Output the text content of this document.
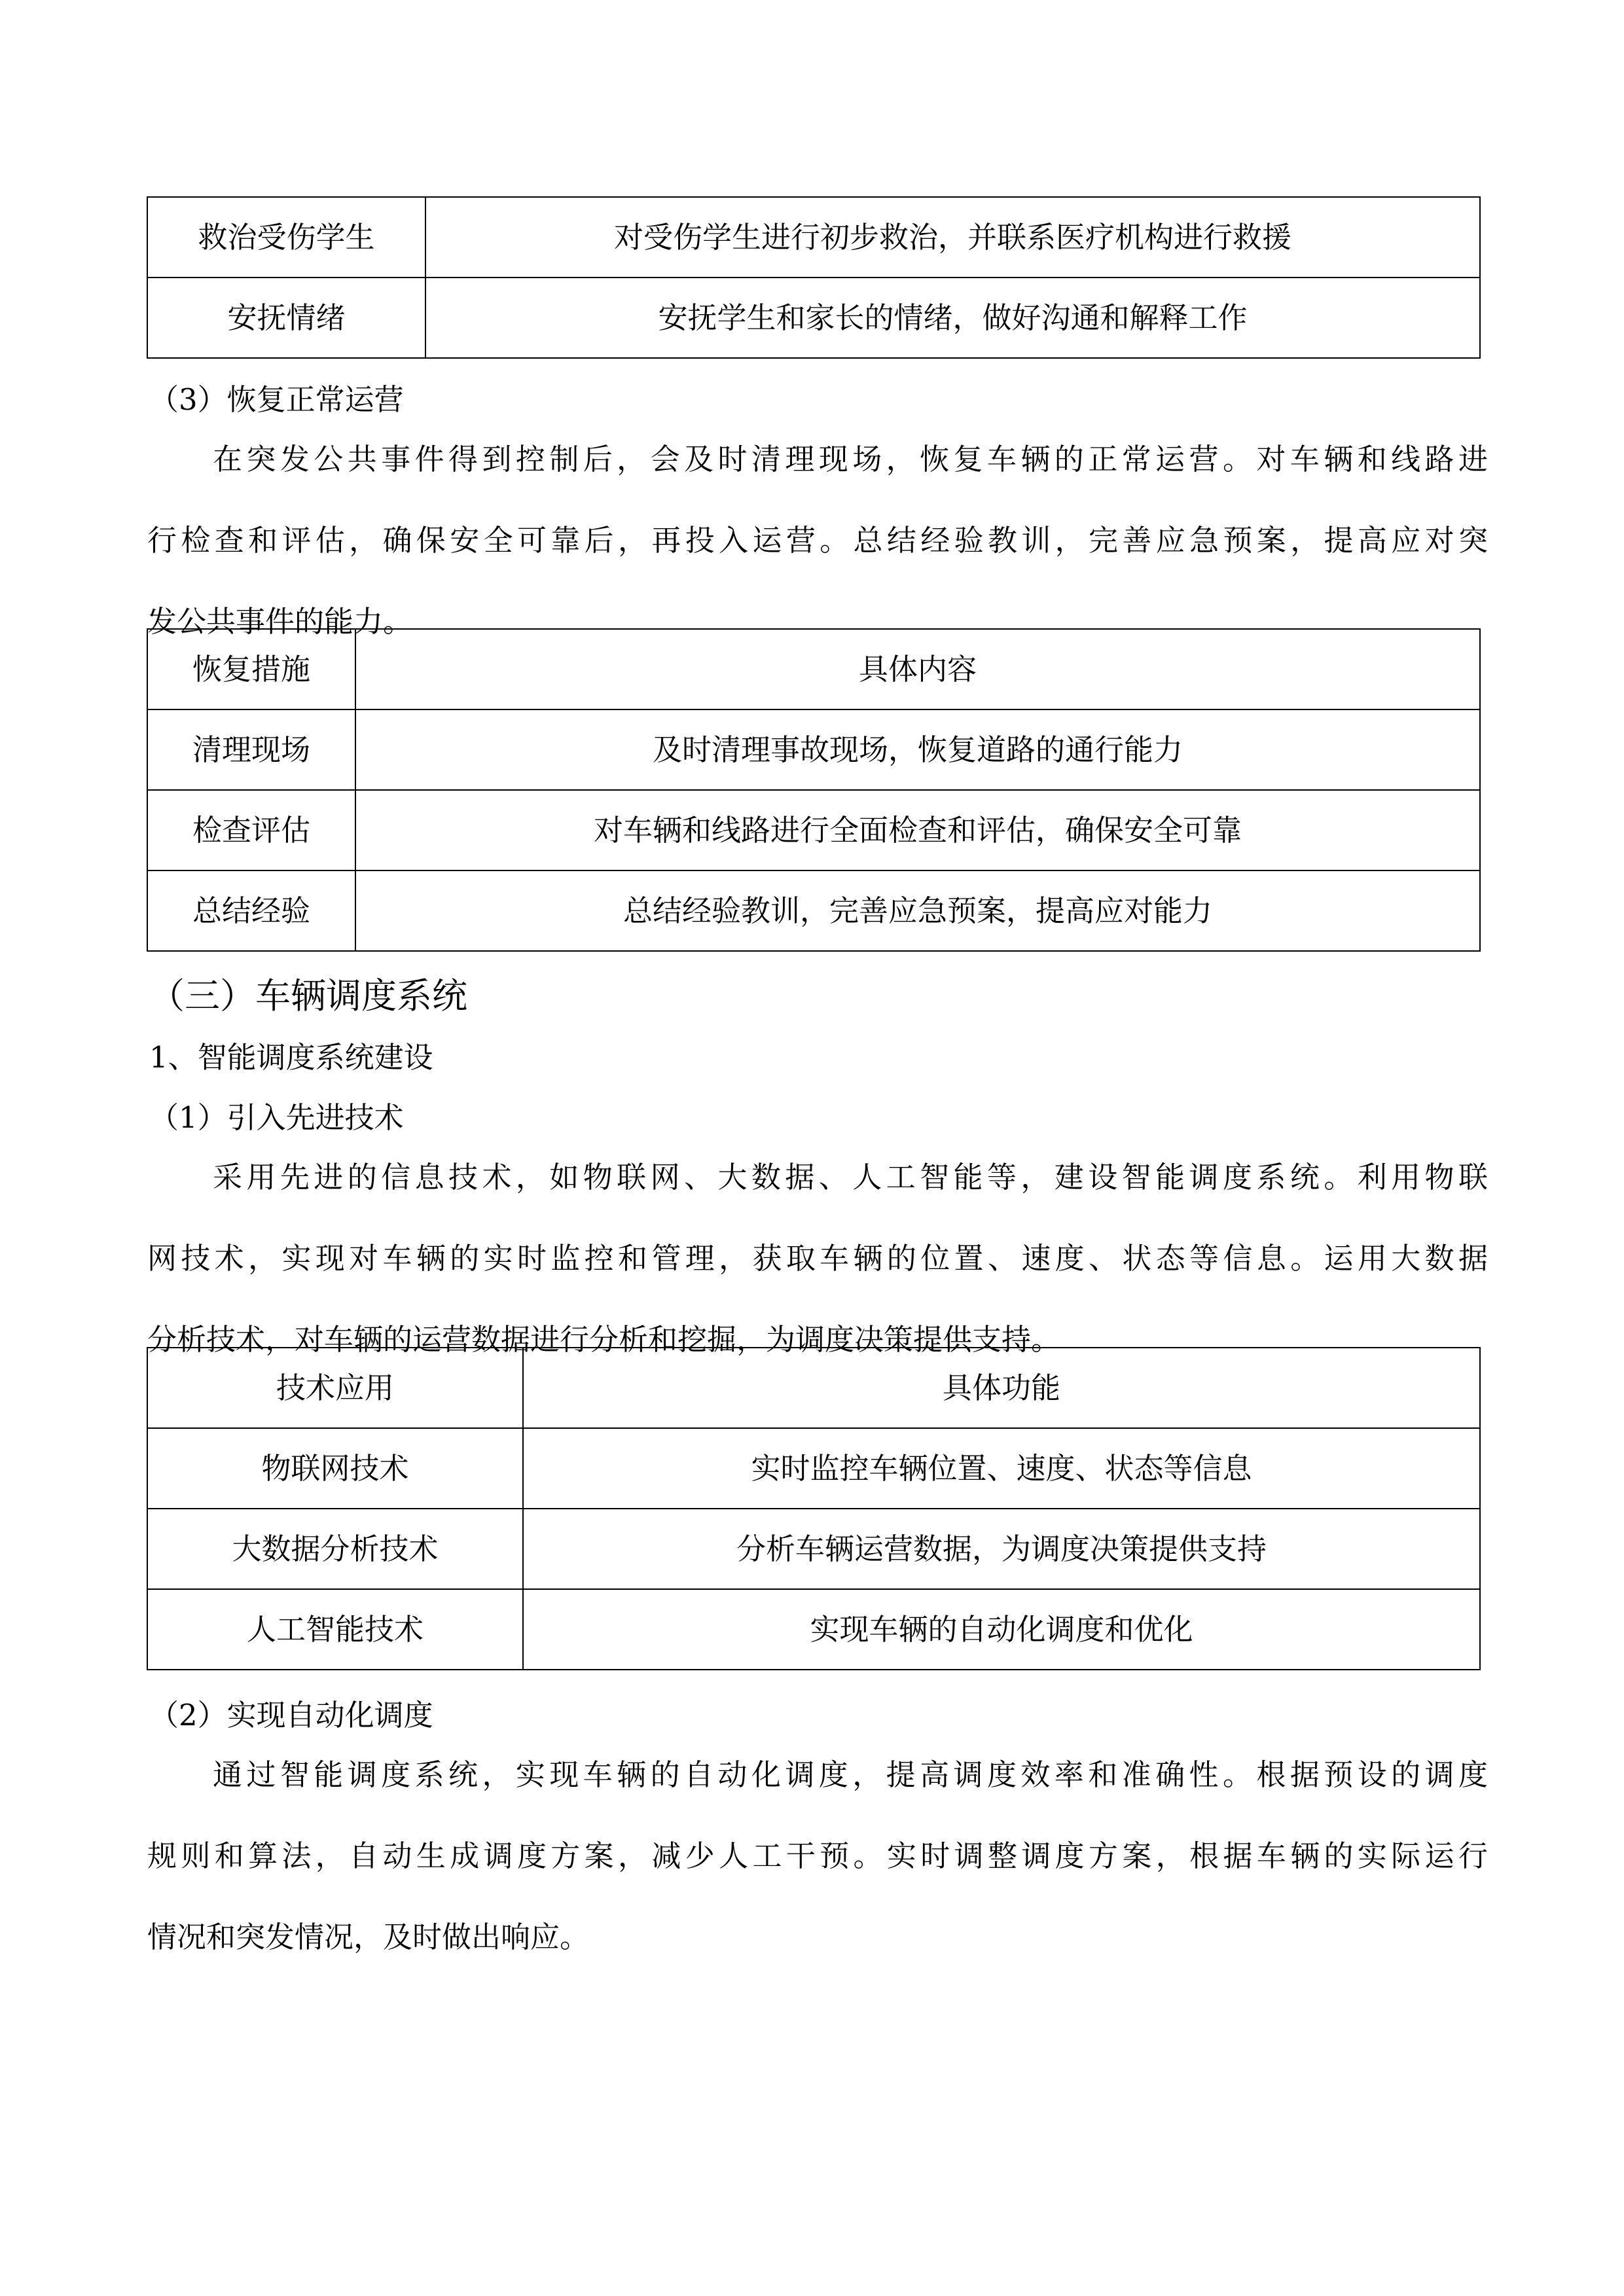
救治受伤学生	对受伤学生进行初步救治，并联系医疗机构进行救援
安抚情绪	安抚学生和家长的情绪，做好沟通和解释工作
（3）恢复正常运营
在突发公共事件得到控制后，会及时清理现场，恢复车辆的正常运营。对车辆和线路进
行检查和评估，确保安全可靠后，再投入运营。总结经验教训，完善应急预案，提高应对突
发公共事件的能力。
恢复措施	具体内容
清理现场	及时清理事故现场，恢复道路的通行能力
检查评估	对车辆和线路进行全面检查和评估，确保安全可靠
总结经验	总结经验教训，完善应急预案，提高应对能力
（三）车辆调度系统
1、智能调度系统建设
（1）引入先进技术
采用先进的信息技术，如物联网、大数据、人工智能等，建设智能调度系统。利用物联
网技术，实现对车辆的实时监控和管理，获取车辆的位置、速度、状态等信息。运用大数据
分析技术，对车辆的运营数据进行分析和挖掘，为调度决策提供支持。
技术应用	具体功能
物联网技术	实时监控车辆位置、速度、状态等信息
大数据分析技术	分析车辆运营数据，为调度决策提供支持
人工智能技术	实现车辆的自动化调度和优化
（2）实现自动化调度
通过智能调度系统，实现车辆的自动化调度，提高调度效率和准确性。根据预设的调度
规则和算法，自动生成调度方案，减少人工干预。实时调整调度方案，根据车辆的实际运行
情况和突发情况，及时做出响应。
